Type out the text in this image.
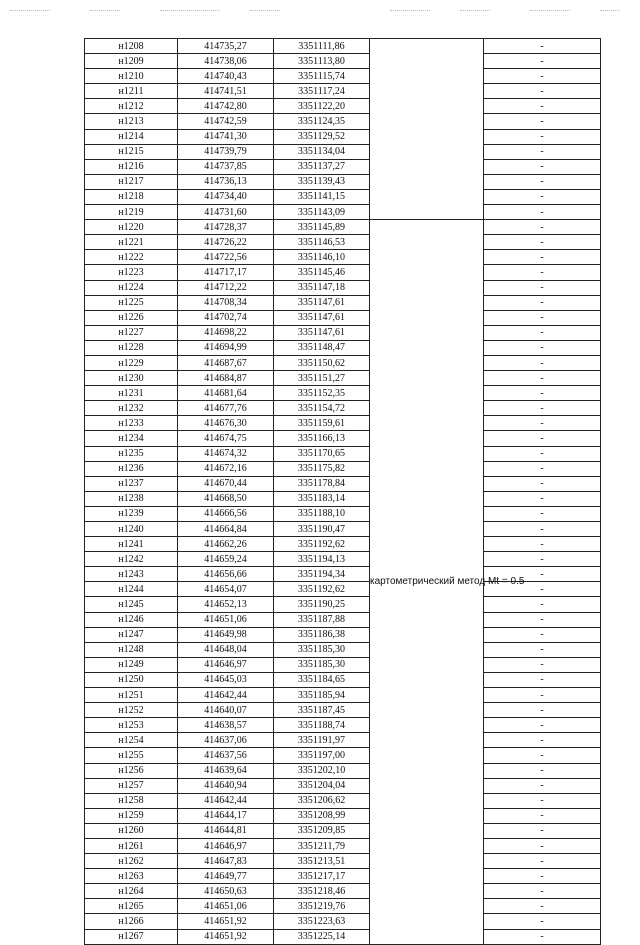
н1208	414735,27	3351111,86		-
н1209	414738,06	3351113,80		-
н1210	414740,43	3351115,74		-
н1211	414741,51	3351117,24		-
н1212	414742,80	3351122,20		-
н1213	414742,59	3351124,35		-
н1214	414741,30	3351129,52		-
н1215	414739,79	3351134,04		-
н1216	414737,85	3351137,27		-
н1217	414736,13	3351139,43		-
н1218	414734,40	3351141,15		-
н1219	414731,60	3351143,09		-
н1220	414728,37	3351145,89	картометрический метод Mt = 0.5	-
н1221	414726,22	3351146,53		-
н1222	414722,56	3351146,10		-
н1223	414717,17	3351145,46		-
н1224	414712,22	3351147,18		-
н1225	414708,34	3351147,61		-
н1226	414702,74	3351147,61		-
н1227	414698,22	3351147,61		-
н1228	414694,99	3351148,47		-
н1229	414687,67	3351150,62		-
н1230	414684,87	3351151,27		-
н1231	414681,64	3351152,35		-
н1232	414677,76	3351154,72		-
н1233	414676,30	3351159,61		-
н1234	414674,75	3351166,13		-
н1235	414674,32	3351170,65		-
н1236	414672,16	3351175,82		-
н1237	414670,44	3351178,84		-
н1238	414668,50	3351183,14		-
н1239	414666,56	3351188,10		-
н1240	414664,84	3351190,47		-
н1241	414662,26	3351192,62		-
н1242	414659,24	3351194,13		-
н1243	414656,66	3351194,34		-
н1244	414654,07	3351192,62		-
н1245	414652,13	3351190,25		-
н1246	414651,06	3351187,88		-
н1247	414649,98	3351186,38		-
н1248	414648,04	3351185,30		-
н1249	414646,97	3351185,30		-
н1250	414645,03	3351184,65		-
н1251	414642,44	3351185,94		-
н1252	414640,07	3351187,45		-
н1253	414638,57	3351188,74		-
н1254	414637,06	3351191,97		-
н1255	414637,56	3351197,00		-
н1256	414639,64	3351202,10		-
н1257	414640,94	3351204,04		-
н1258	414642,44	3351206,62		-
н1259	414644,17	3351208,99		-
н1260	414644,81	3351209,85		-
н1261	414646,97	3351211,79		-
н1262	414647,83	3351213,51		-
н1263	414649,77	3351217,17		-
н1264	414650,63	3351218,46		-
н1265	414651,06	3351219,76		-
н1266	414651,92	3351223,63		-
н1267	414651,92	3351225,14		-
